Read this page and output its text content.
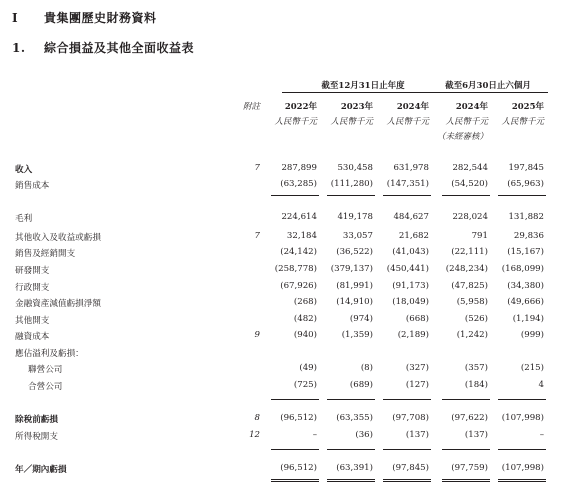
I 貴集團歷史財務資料
1. 綜合損益及其他全面收益表
截至12月31日止年度	截至6月30日止六個月
附註	2022年	2023年	2024年	2024年	2025年
人民幣千元 人民幣千元 人民幣千元 人民幣千元 人民幣千元
（未經審核）
收入	7 287,899 530,458 631,978	282,544 197,845
銷售成本	(63,285) (111,280) (147,351)	(54,520) (65,963)
毛利	224,614 419,178 484,627	228,024 131,882
其他收入及收益或虧損	7	32,184	33,057	21,682	791	29,836
銷售及經銷開支	(24,142) (36,522) (41,043)	(22,111) (15,167)
研發開支	(258,778) (379,137) (450,441) (248,234) (168,099)
行政開支	(67,926) (81,991) (91,173)	(47,825) (34,380)
金融資產減值虧損淨額	(268) (14,910) (18,049)	(5,958) (49,666)
其他開支	(482)	(974)	(668)	(526)	(1,194)
融資成本	9	(940)	(1,359)	(2,189)	(1,242)	(999)
應佔溢利及虧損：
聯營公司	(49)	(8)	(327)	(357)	(215)
合營公司	(725)	(689)	(127)	(184)	4
除稅前虧損	8 (96,512) (63,355) (97,708)	(97,622) (107,998)
所得稅開支	12	–	(36)	(137)	(137)	–
年／期內虧損	(96,512) (63,391) (97,845)	(97,759) (107,998)
